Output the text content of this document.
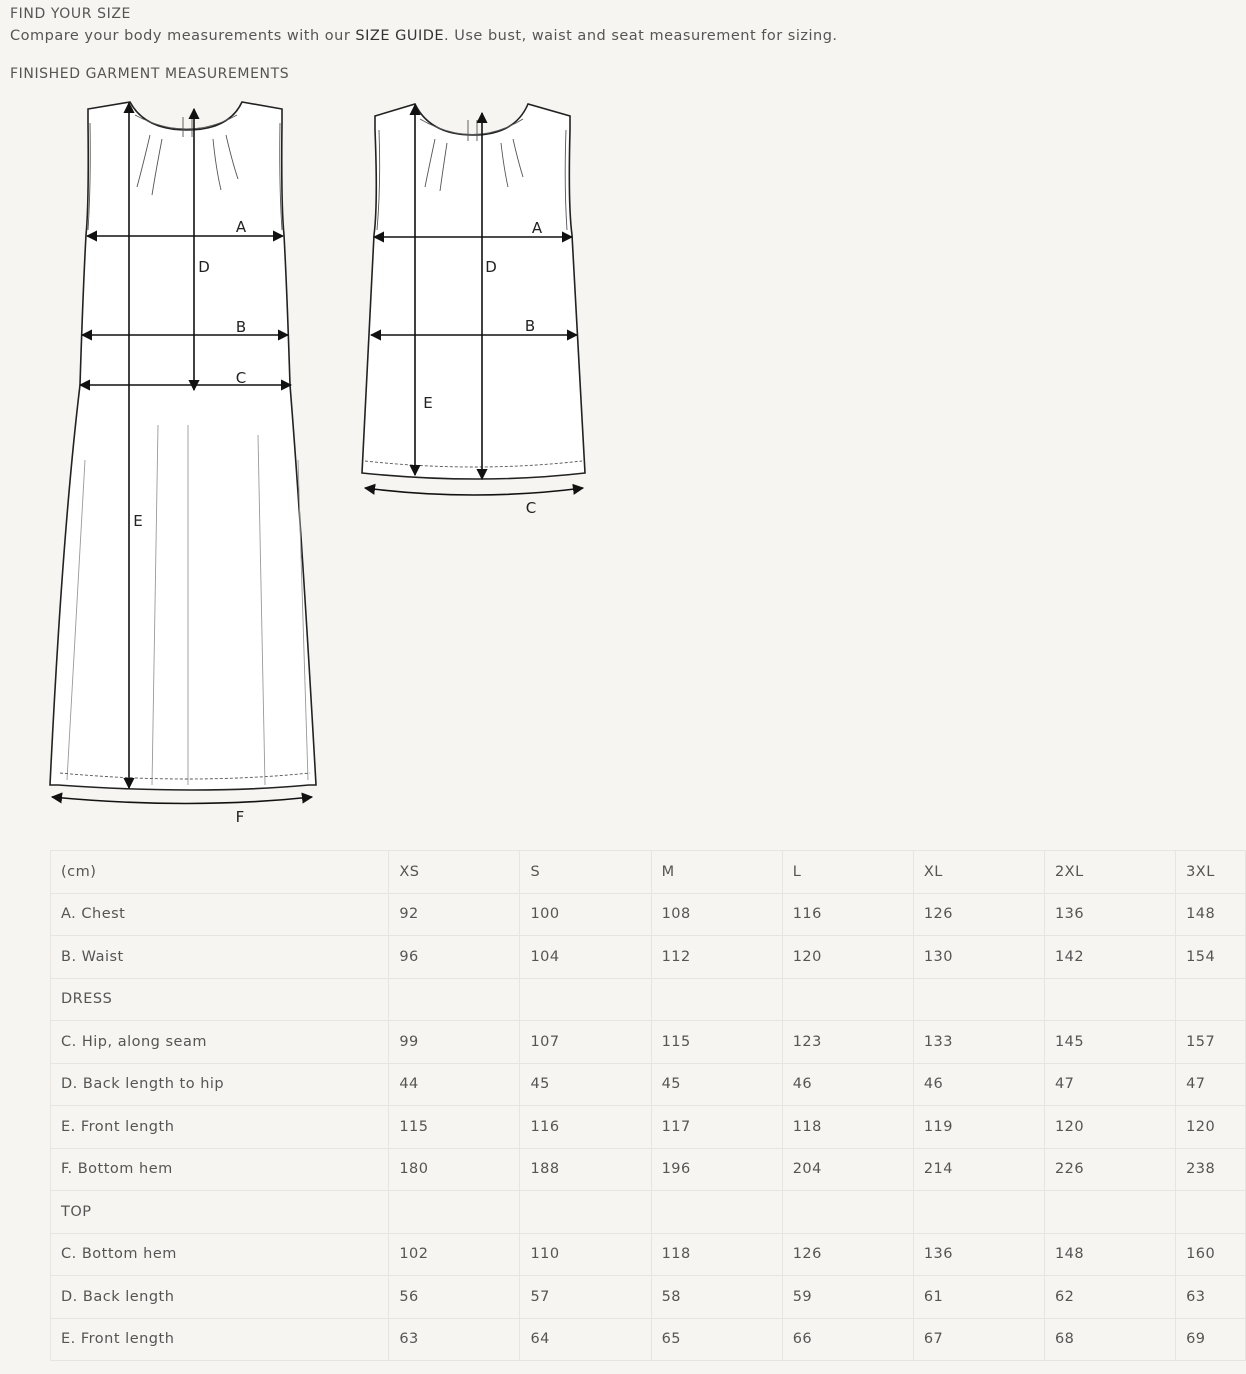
FIND YOUR SIZE

Compare your body measurements with our SIZE GUIDE. Use bust, waist and seat measurement for sizing.

FINISHED GARMENT MEASUREMENTS
A
B
C
D
E
F
A
B
C
D
E
(cm)	XS	S	M	L	XL	2XL	3XL
A. Chest	92	100	108	116	126	136	148
B. Waist	96	104	112	120	130	142	154
DRESS							
C. Hip, along seam	99	107	115	123	133	145	157
D. Back length to hip	44	45	45	46	46	47	47
E. Front length	115	116	117	118	119	120	120
F. Bottom hem	180	188	196	204	214	226	238
TOP							
C. Bottom hem	102	110	118	126	136	148	160
D. Back length	56	57	58	59	61	62	63
E. Front length	63	64	65	66	67	68	69
